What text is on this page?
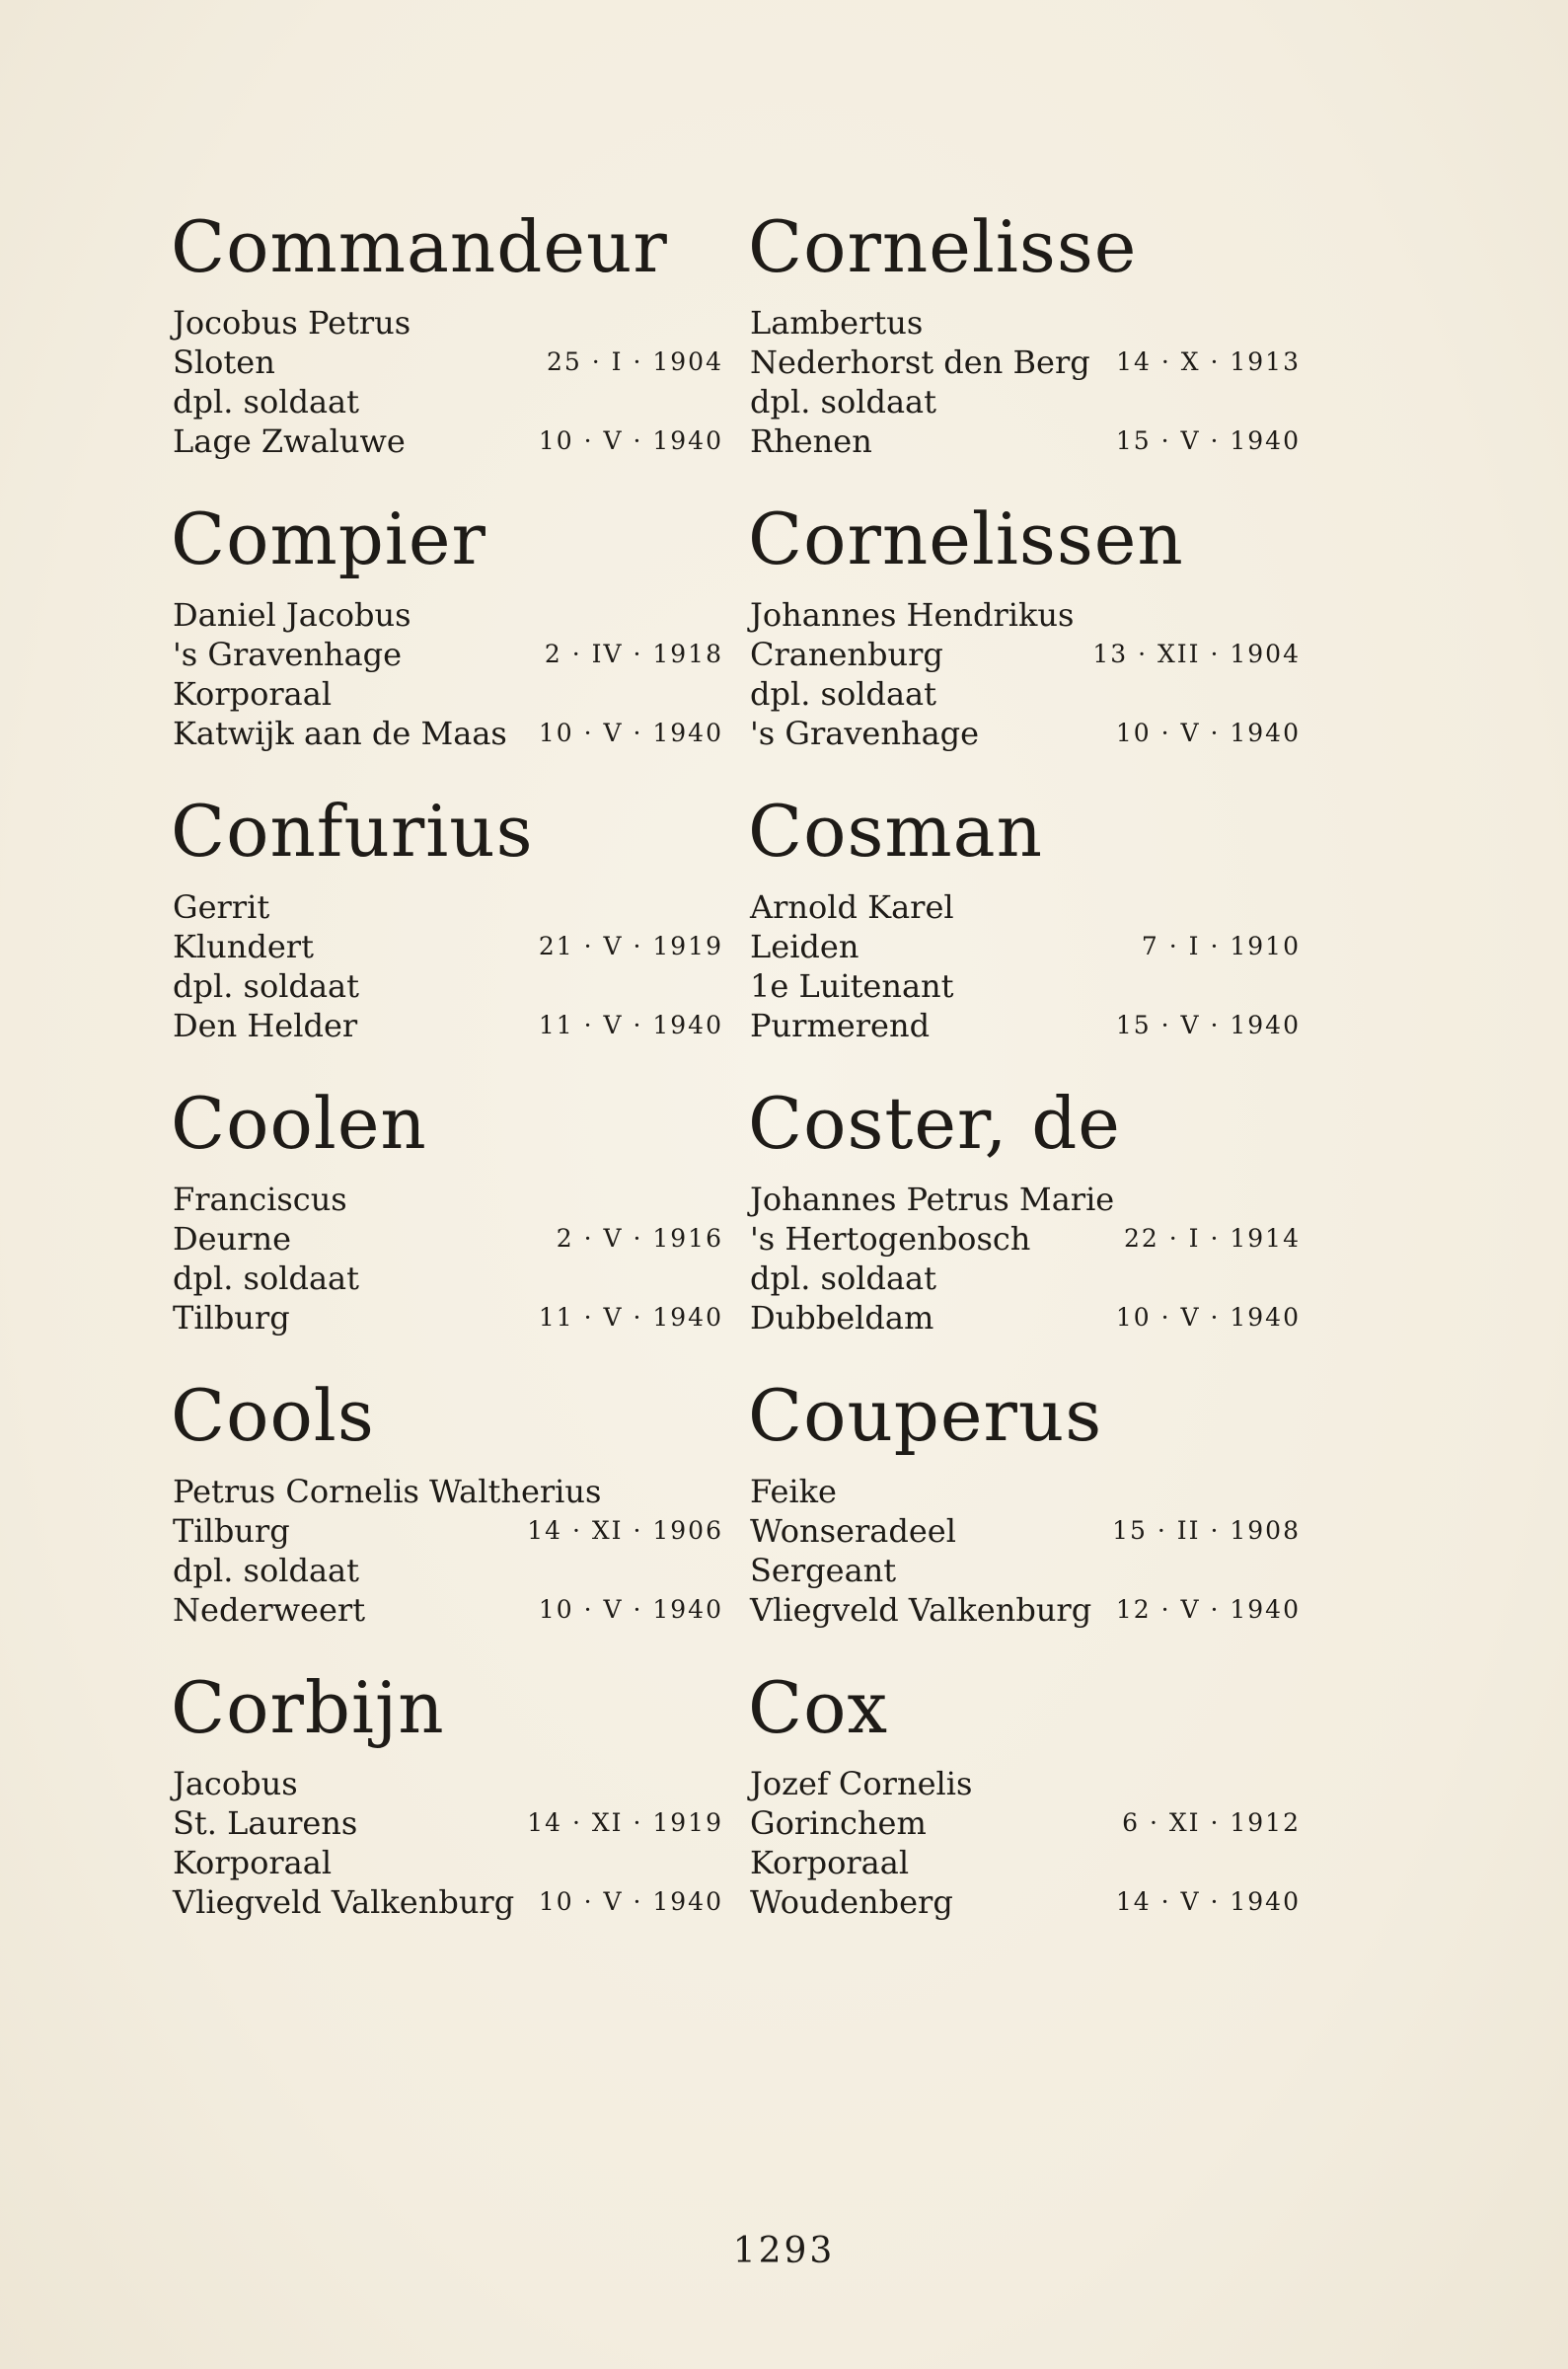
Commandeur
Jocobus Petrus
Sloten	25 · I · 1904
dpl. soldaat
Lage Zwaluwe	10 · V · 1940
Compier
Daniel Jacobus
's Gravenhage	2 · IV · 1918
Korporaal
Katwijk aan de Maas 10 · V · 1940
Confurius
Gerrit
Klundert	21 · V · 1919
dpl. soldaat
Den Helder	11 · V · 1940
Coolen
Franciscus
Deurne	2 · V · 1916
dpl. soldaat
Tilburg	11 · V · 1940
Cools
Petrus Cornelis Waltherius
Tilburg	14 · XI · 1906
dpl. soldaat
Nederweert	10 · V · 1940
Corbijn
Jacobus
St. Laurens	14 · XI · 1919
Korporaal
Vliegveld Valkenburg 10 · V · 1940
Cornelisse
Lambertus
Nederhorst den Berg 14 · X · 1913
dpl. soldaat
Rhenen	15 · V · 1940
Cornelissen
Johannes Hendrikus
Cranenburg	13 · XII · 1904
dpl. soldaat
's Gravenhage	10 · V · 1940
Cosman
Arnold Karel
Leiden	7 · I · 1910
1e Luitenant
Purmerend	15 · V · 1940
Coster, de
Johannes Petrus Marie
's Hertogenbosch	22 · I · 1914
dpl. soldaat
Dubbeldam	10 · V · 1940
Couperus
Feike
Wonseradeel	15 · II · 1908
Sergeant
Vliegveld Valkenburg 12 · V · 1940
Cox
Jozef Cornelis
Gorinchem	6 · XI · 1912
Korporaal
Woudenberg	14 · V · 1940
1293
